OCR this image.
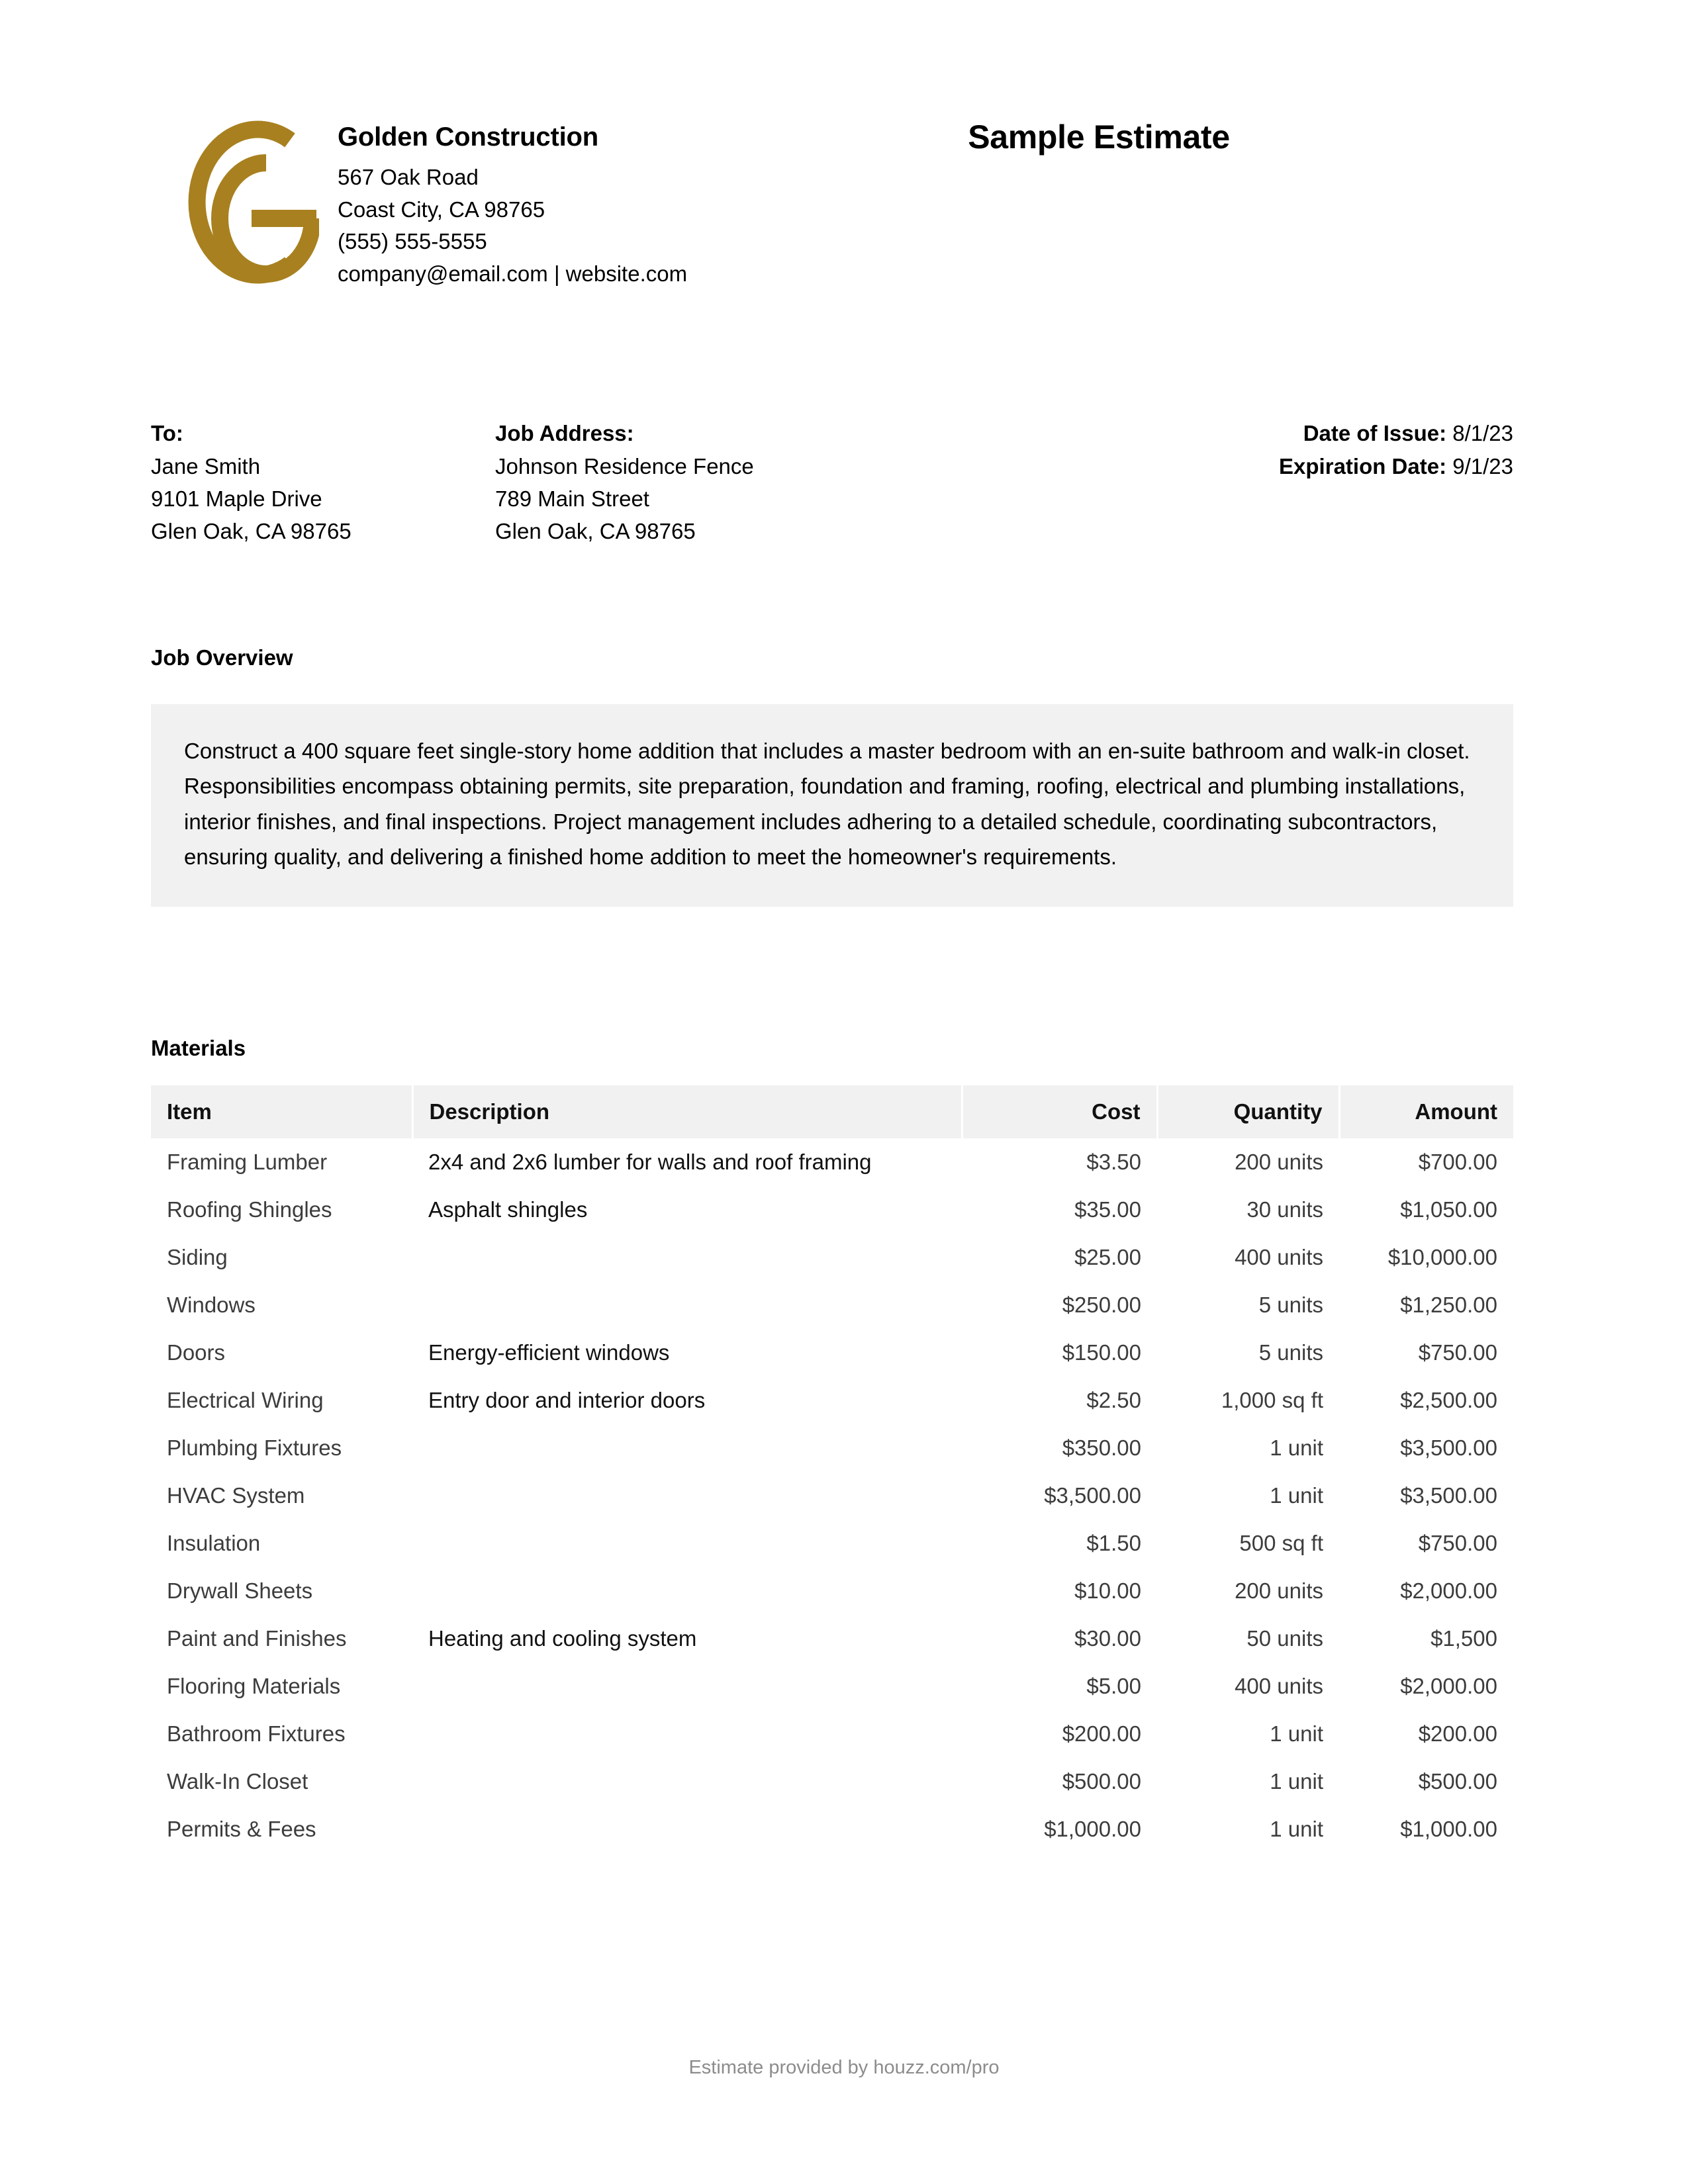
Golden Construction
567 Oak Road
Coast City, CA 98765
(555) 555-5555
company@email.com | website.com
Sample Estimate
To:
Jane Smith
9101 Maple Drive
Glen Oak, CA 98765
Job Address:
Johnson Residence Fence
789 Main Street
Glen Oak, CA 98765
Date of Issue: 8/1/23
Expiration Date: 9/1/23
Job Overview

Construct a 400 square feet single-story home addition that includes a master bedroom with an en-suite bathroom and walk-in closet. Responsibilities encompass obtaining permits, site preparation, foundation and framing, roofing, electrical and plumbing installations, interior finishes, and final inspections. Project management includes adhering to a detailed schedule, coordinating subcontractors, ensuring quality, and delivering a finished home addition to meet the homeowner's requirements.

Materials
Item	Description	Cost	Quantity	Amount
Framing Lumber	2x4 and 2x6 lumber for walls and roof framing	$3.50	200 units	$700.00
Roofing Shingles	Asphalt shingles	$35.00	30 units	$1,050.00
Siding		$25.00	400 units	$10,000.00
Windows		$250.00	5 units	$1,250.00
Doors	Energy-efficient windows	$150.00	5 units	$750.00
Electrical Wiring	Entry door and interior doors	$2.50	1,000 sq ft	$2,500.00
Plumbing Fixtures		$350.00	1 unit	$3,500.00
HVAC System		$3,500.00	1 unit	$3,500.00
Insulation		$1.50	500 sq ft	$750.00
Drywall Sheets		$10.00	200 units	$2,000.00
Paint and Finishes	Heating and cooling system	$30.00	50 units	$1,500
Flooring Materials		$5.00	400 units	$2,000.00
Bathroom Fixtures		$200.00	1 unit	$200.00
Walk-In Closet		$500.00	1 unit	$500.00
Permits & Fees		$1,000.00	1 unit	$1,000.00
Estimate provided by houzz.com/pro
